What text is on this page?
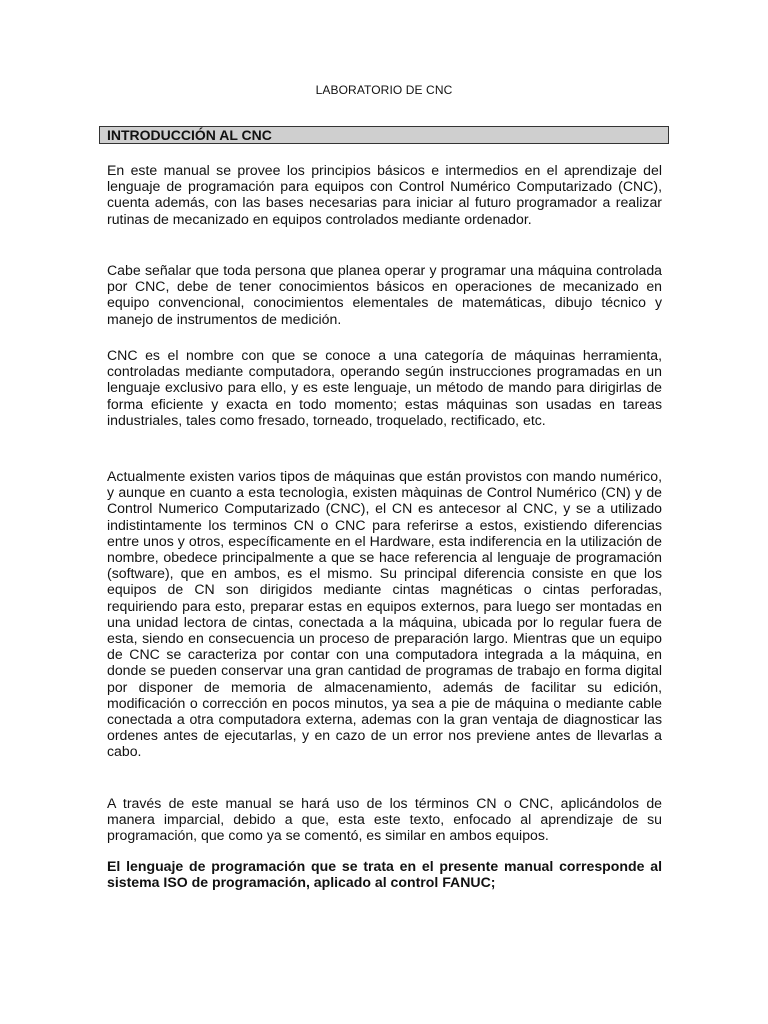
LABORATORIO DE CNC
INTRODUCCIÓN AL CNC

En este manual se provee los principios básicos e intermedios en el aprendizaje del lenguaje de programación para equipos con Control Numérico Computarizado (CNC), cuenta además, con las bases necesarias para iniciar al futuro programador a realizar rutinas de mecanizado en equipos controlados mediante ordenador.

Cabe señalar que toda persona que planea operar y programar una máquina controlada por CNC, debe de tener conocimientos básicos en operaciones de mecanizado en equipo convencional, conocimientos elementales de matemáticas, dibujo técnico y manejo de instrumentos de medición.

CNC es el nombre con que se conoce a una categoría de máquinas herramienta, controladas mediante computadora, operando según instrucciones programadas en un lenguaje exclusivo para ello, y es este lenguaje, un método de mando para dirigirlas de forma eficiente y exacta en todo momento; estas máquinas son usadas en tareas industriales, tales como fresado, torneado, troquelado, rectificado, etc.

Actualmente existen varios tipos de máquinas que están provistos con mando numérico, y aunque en cuanto a esta tecnologìa, existen màquinas de Control Numérico (CN) y de Control Numerico Computarizado (CNC), el CN es antecesor al CNC, y se a utilizado indistintamente los terminos CN o CNC para referirse a estos, existiendo diferencias entre unos y otros, específicamente en el Hardware, esta indiferencia en la utilización de nombre, obedece principalmente a que se hace referencia al lenguaje de programación (software), que en ambos, es el mismo. Su principal diferencia consiste en que los equipos de CN son dirigidos mediante cintas magnéticas o cintas perforadas, requiriendo para esto, preparar estas en equipos externos, para luego ser montadas en una unidad lectora de cintas, conectada a la máquina, ubicada por lo regular fuera de esta, siendo en consecuencia un proceso de preparación largo. Mientras que un equipo de CNC se caracteriza por contar con una computadora integrada a la máquina, en donde se pueden conservar una gran cantidad de programas de trabajo en forma digital por disponer de memoria de almacenamiento, además de facilitar su edición, modificación o corrección en pocos minutos, ya sea a pie de máquina o mediante cable conectada a otra computadora externa, ademas con la gran ventaja de diagnosticar las ordenes antes de ejecutarlas, y en cazo de un error nos previene antes de llevarlas a cabo.

A través de este manual se hará uso de los términos CN o CNC, aplicándolos de manera imparcial, debido a que, esta este texto, enfocado al aprendizaje de su programación, que como ya se comentó, es similar en ambos equipos.

El lenguaje de programación que se trata en el presente manual corresponde al sistema ISO de programación, aplicado al control FANUC;
